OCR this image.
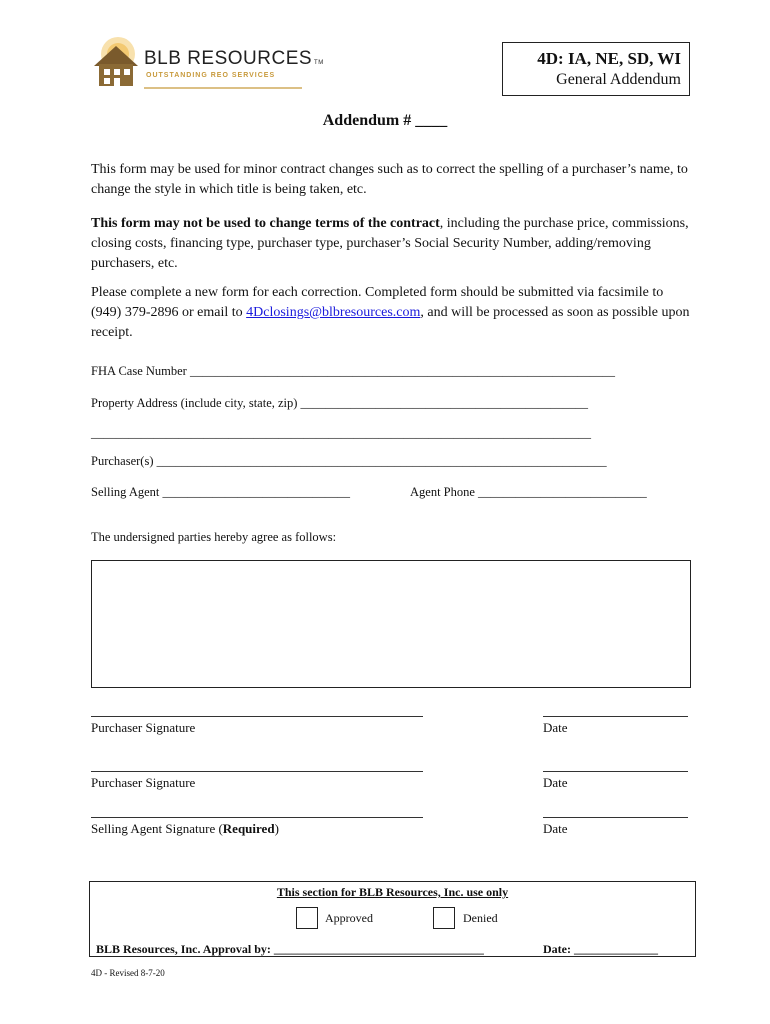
BLB RESOURCES TM
OUTSTANDING REO SERVICES
4D: IA, NE, SD, WI
General Addendum
Addendum # ____
This form may be used for minor contract changes such as to correct the spelling of a purchaser’s name, to change the style in which title is being taken, etc.
This form may not be used to change terms of the contract, including the purchase price, commissions, closing costs, financing type, purchaser type, purchaser’s Social Security Number, adding/removing purchasers, etc.
Please complete a new form for each correction. Completed form should be submitted via facsimile to (949) 379-2896 or email to 4Dclosings@blbresources.com, and will be processed as soon as possible upon receipt.
FHA Case Number ____________________________________________________________________
Property Address (include city, state, zip) ______________________________________________
________________________________________________________________________________
Purchaser(s) ________________________________________________________________________
Selling Agent ______________________________	Agent Phone ___________________________
The undersigned parties hereby agree as follows:
Purchaser Signature	Date
Purchaser Signature	Date
Selling Agent Signature (Required)	Date
This section for BLB Resources, Inc. use only
Approved	Denied
BLB Resources, Inc. Approval by: ___________________________________	Date: ______________
4D - Revised 8-7-20
